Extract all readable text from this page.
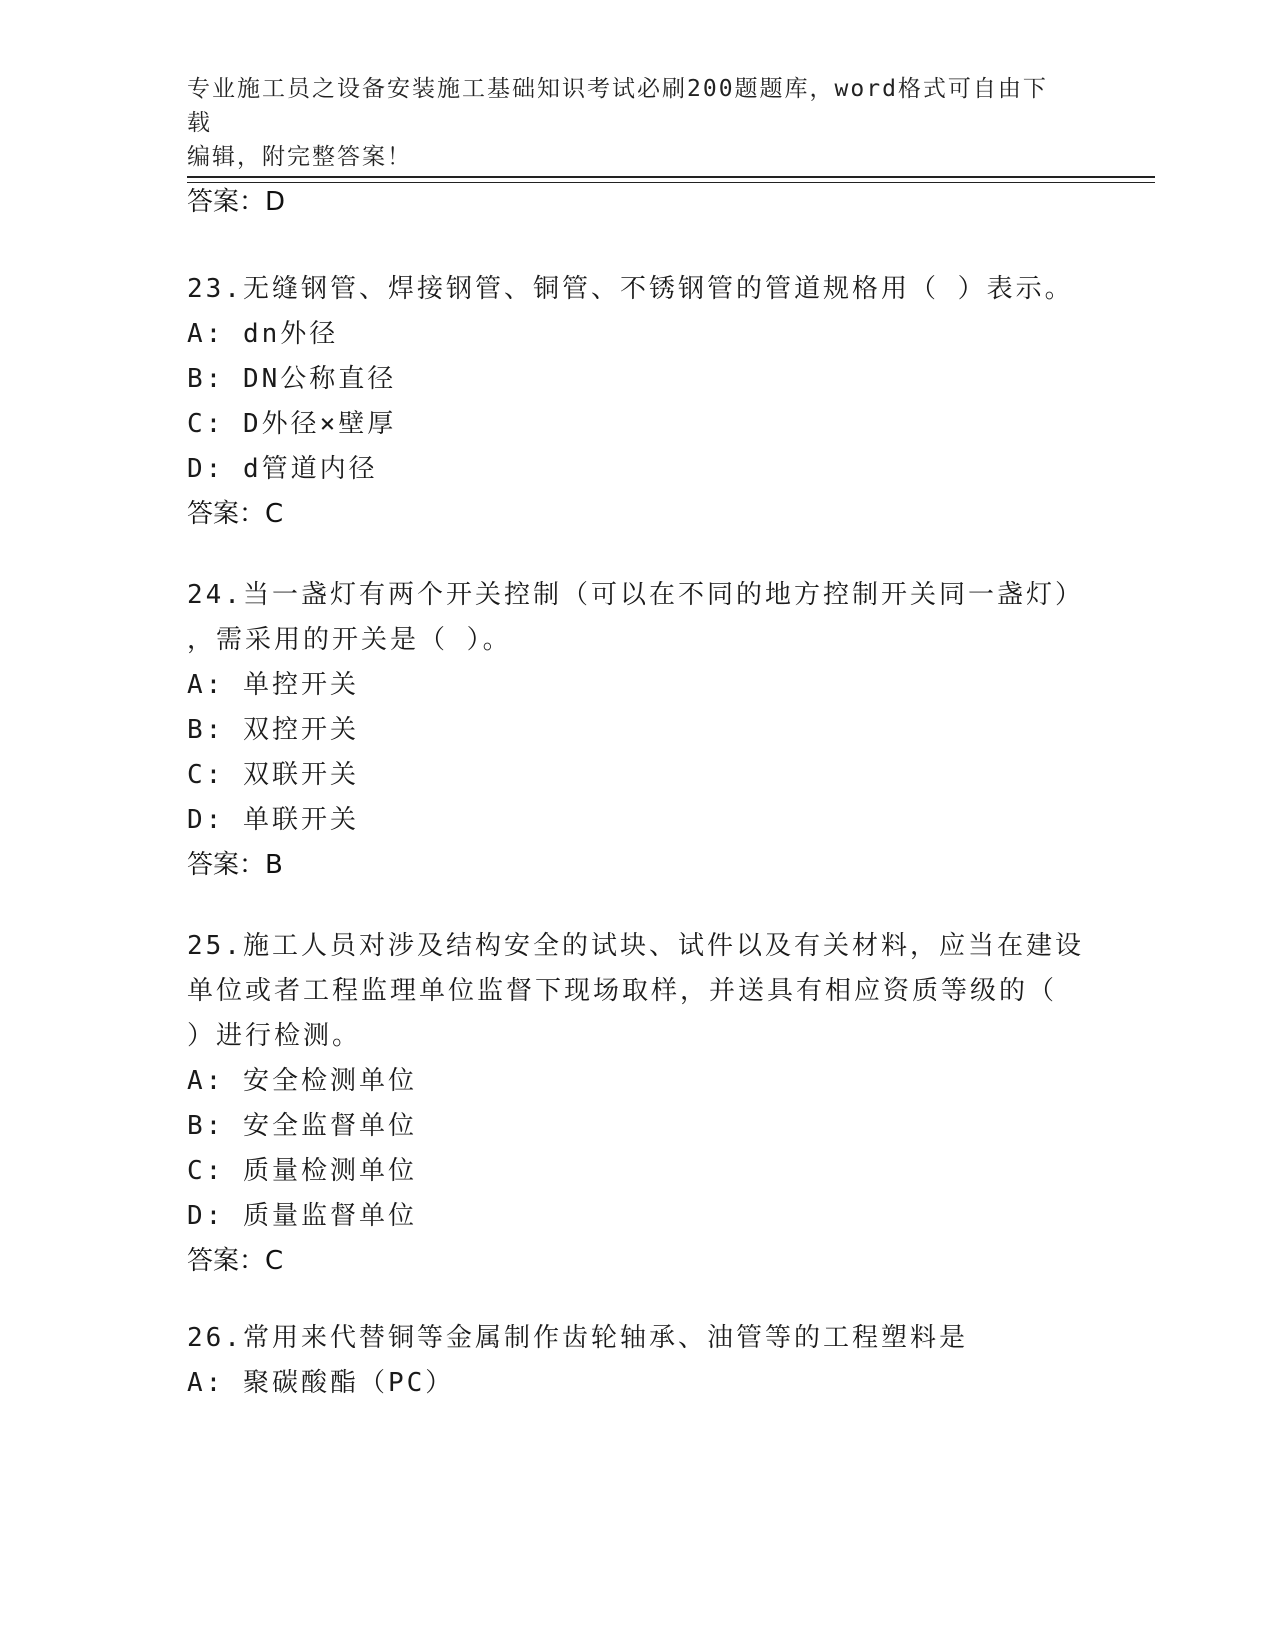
专业施工员之设备安装施工基础知识考试必刷200题题库，word格式可自由下载
编辑，附完整答案！
答案：D
23.无缝钢管、焊接钢管、铜管、不锈钢管的管道规格用（ ）表示。
A: dn外径
B: DN公称直径
C: D外径×壁厚
D: d管道内径
答案：C
24.当一盏灯有两个开关控制（可以在不同的地方控制开关同一盏灯）
，需采用的开关是（ ）。
A: 单控开关
B: 双控开关
C: 双联开关
D: 单联开关
答案：B
25.施工人员对涉及结构安全的试块、试件以及有关材料，应当在建设
单位或者工程监理单位监督下现场取样，并送具有相应资质等级的（
）进行检测。
A: 安全检测单位
B: 安全监督单位
C: 质量检测单位
D: 质量监督单位
答案：C
26.常用来代替铜等金属制作齿轮轴承、油管等的工程塑料是
A: 聚碳酸酯（PC）
